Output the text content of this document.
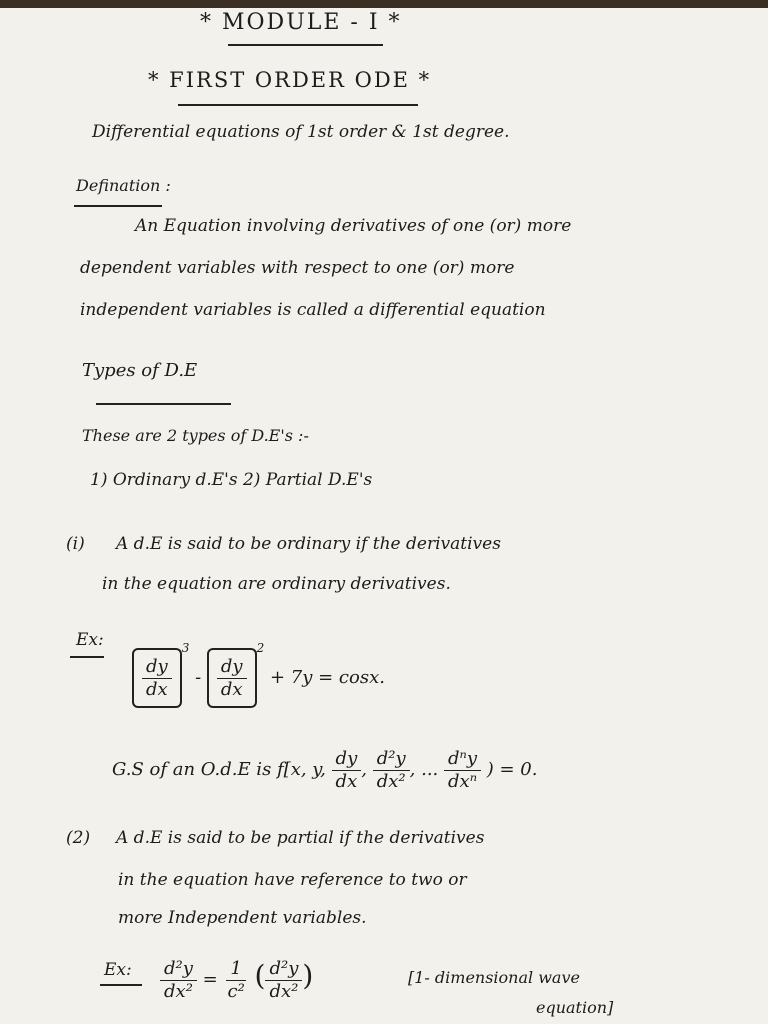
* MODULE - I *
* FIRST ORDER ODE *
Differential equations of 1st order & 1st degree.
Defination :
An Equation involving derivatives of one (or) more
dependent variables with respect to one (or) more
independent variables is called a differential equation
Types of D.E
These are 2 types of D.E's :-
1) Ordinary d.E's 2) Partial D.E's
(i) A d.E is said to be ordinary if the derivatives
in the equation are ordinary derivatives.
Ex:
$\frac{dy}{dx}$
$^3 - \frac{dy}{dx}$
$^2$ + 7y = cosx.
G.S of an O.d.E is f[x, y, $\frac{dy}{dx}$ , $\frac{\text{d²y}}{\text{dx²}}$ , ... $\frac{\text{dⁿy}}{\text{dxⁿ}}$ ) = 0.
(2) A d.E is said to be partial if the derivatives
in the equation have reference to two or
more Independent variables.
Ex: $\frac{\text{d²y}}{\text{dx²}} = \frac{1}{\text{c²}}$ ( $\frac{\text{d²y}}{\text{dx²}}$ )	[1- dimensional wave
equation]
